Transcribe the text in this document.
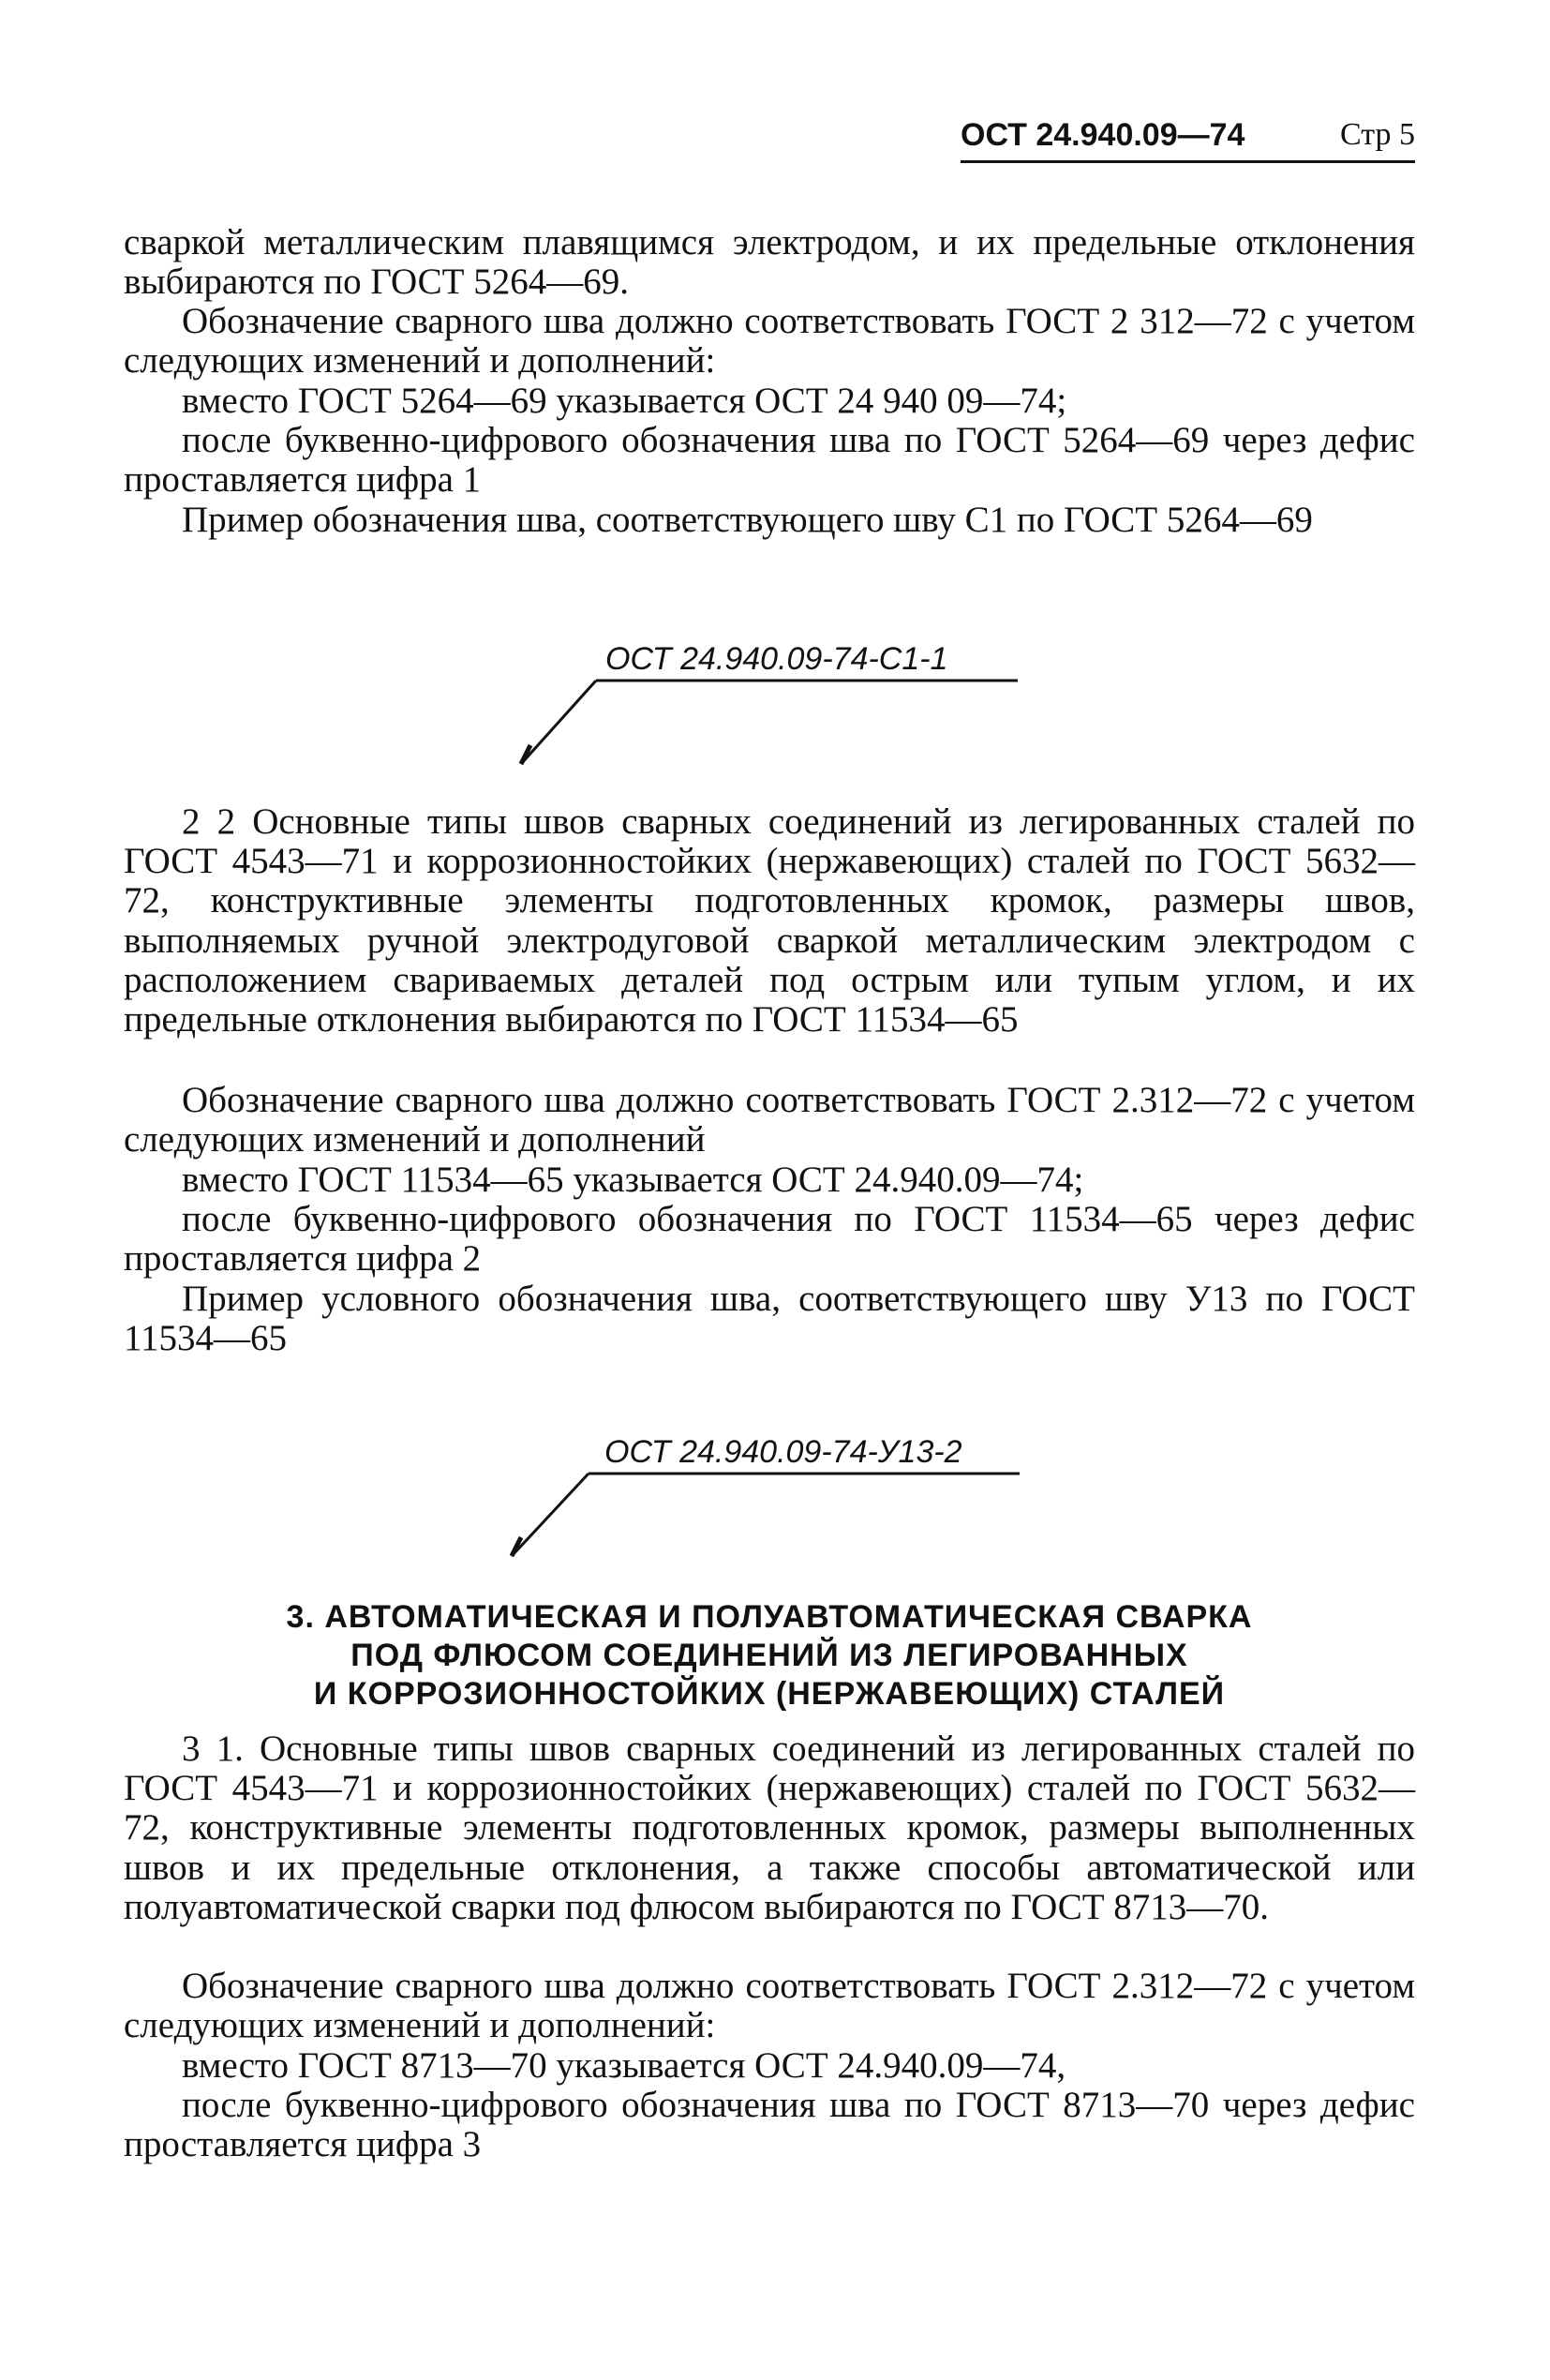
ОСТ 24.940.09—74	Стр 5

сваркой металлическим плавящимся электродом, и их предельные отклонения выбираются по ГОСТ 5264—69.

Обозначение сварного шва должно соответствовать ГОСТ 2 312—72 с учетом следующих изменений и дополнений:

вместо ГОСТ 5264—69 указывается ОСТ 24 940 09—74;

после буквенно-цифрового обозначения шва по ГОСТ 5264—69 через дефис проставляется цифра 1

Пример обозначения шва, соответствующего шву С1 по ГОСТ 5264—69

2 2 Основные типы швов сварных соединений из легированных сталей по ГОСТ 4543—71 и коррозионностойких (нержавеющих) сталей по ГОСТ 5632—72, конструктивные элементы подготовленных кромок, размеры швов, выполняемых ручной электродуговой сваркой металлическим электродом с расположением свариваемых деталей под острым или тупым углом, и их предельные отклонения выбираются по ГОСТ 11534—65

Обозначение сварного шва должно соответствовать ГОСТ 2.312—72 с учетом следующих изменений и дополнений

вместо ГОСТ 11534—65 указывается ОСТ 24.940.09—74;

после буквенно-цифрового обозначения по ГОСТ 11534—65 через дефис проставляется цифра 2

Пример условного обозначения шва, соответствующего шву У13 по ГОСТ 11534—65

3. АВТОМАТИЧЕСКАЯ И ПОЛУАВТОМАТИЧЕСКАЯ СВАРКА
ПОД ФЛЮСОМ СОЕДИНЕНИЙ ИЗ ЛЕГИРОВАННЫХ
И КОРРОЗИОННОСТОЙКИХ (НЕРЖАВЕЮЩИХ) СТАЛЕЙ

3 1. Основные типы швов сварных соединений из легированных сталей по ГОСТ 4543—71 и коррозионностойких (нержавеющих) сталей по ГОСТ 5632—72, конструктивные элементы подготовленных кромок, размеры выполненных швов и их предельные отклонения, а также способы автоматической или полуавтоматической сварки под флюсом выбираются по ГОСТ 8713—70.

Обозначение сварного шва должно соответствовать ГОСТ 2.312—72 с учетом следующих изменений и дополнений:

вместо ГОСТ 8713—70 указывается ОСТ 24.940.09—74,

после буквенно-цифрового обозначения шва по ГОСТ 8713—70 через дефис проставляется цифра 3

ОСТ 24.940.09-74-С1-1
ОСТ 24.940.09-74-У13-2
